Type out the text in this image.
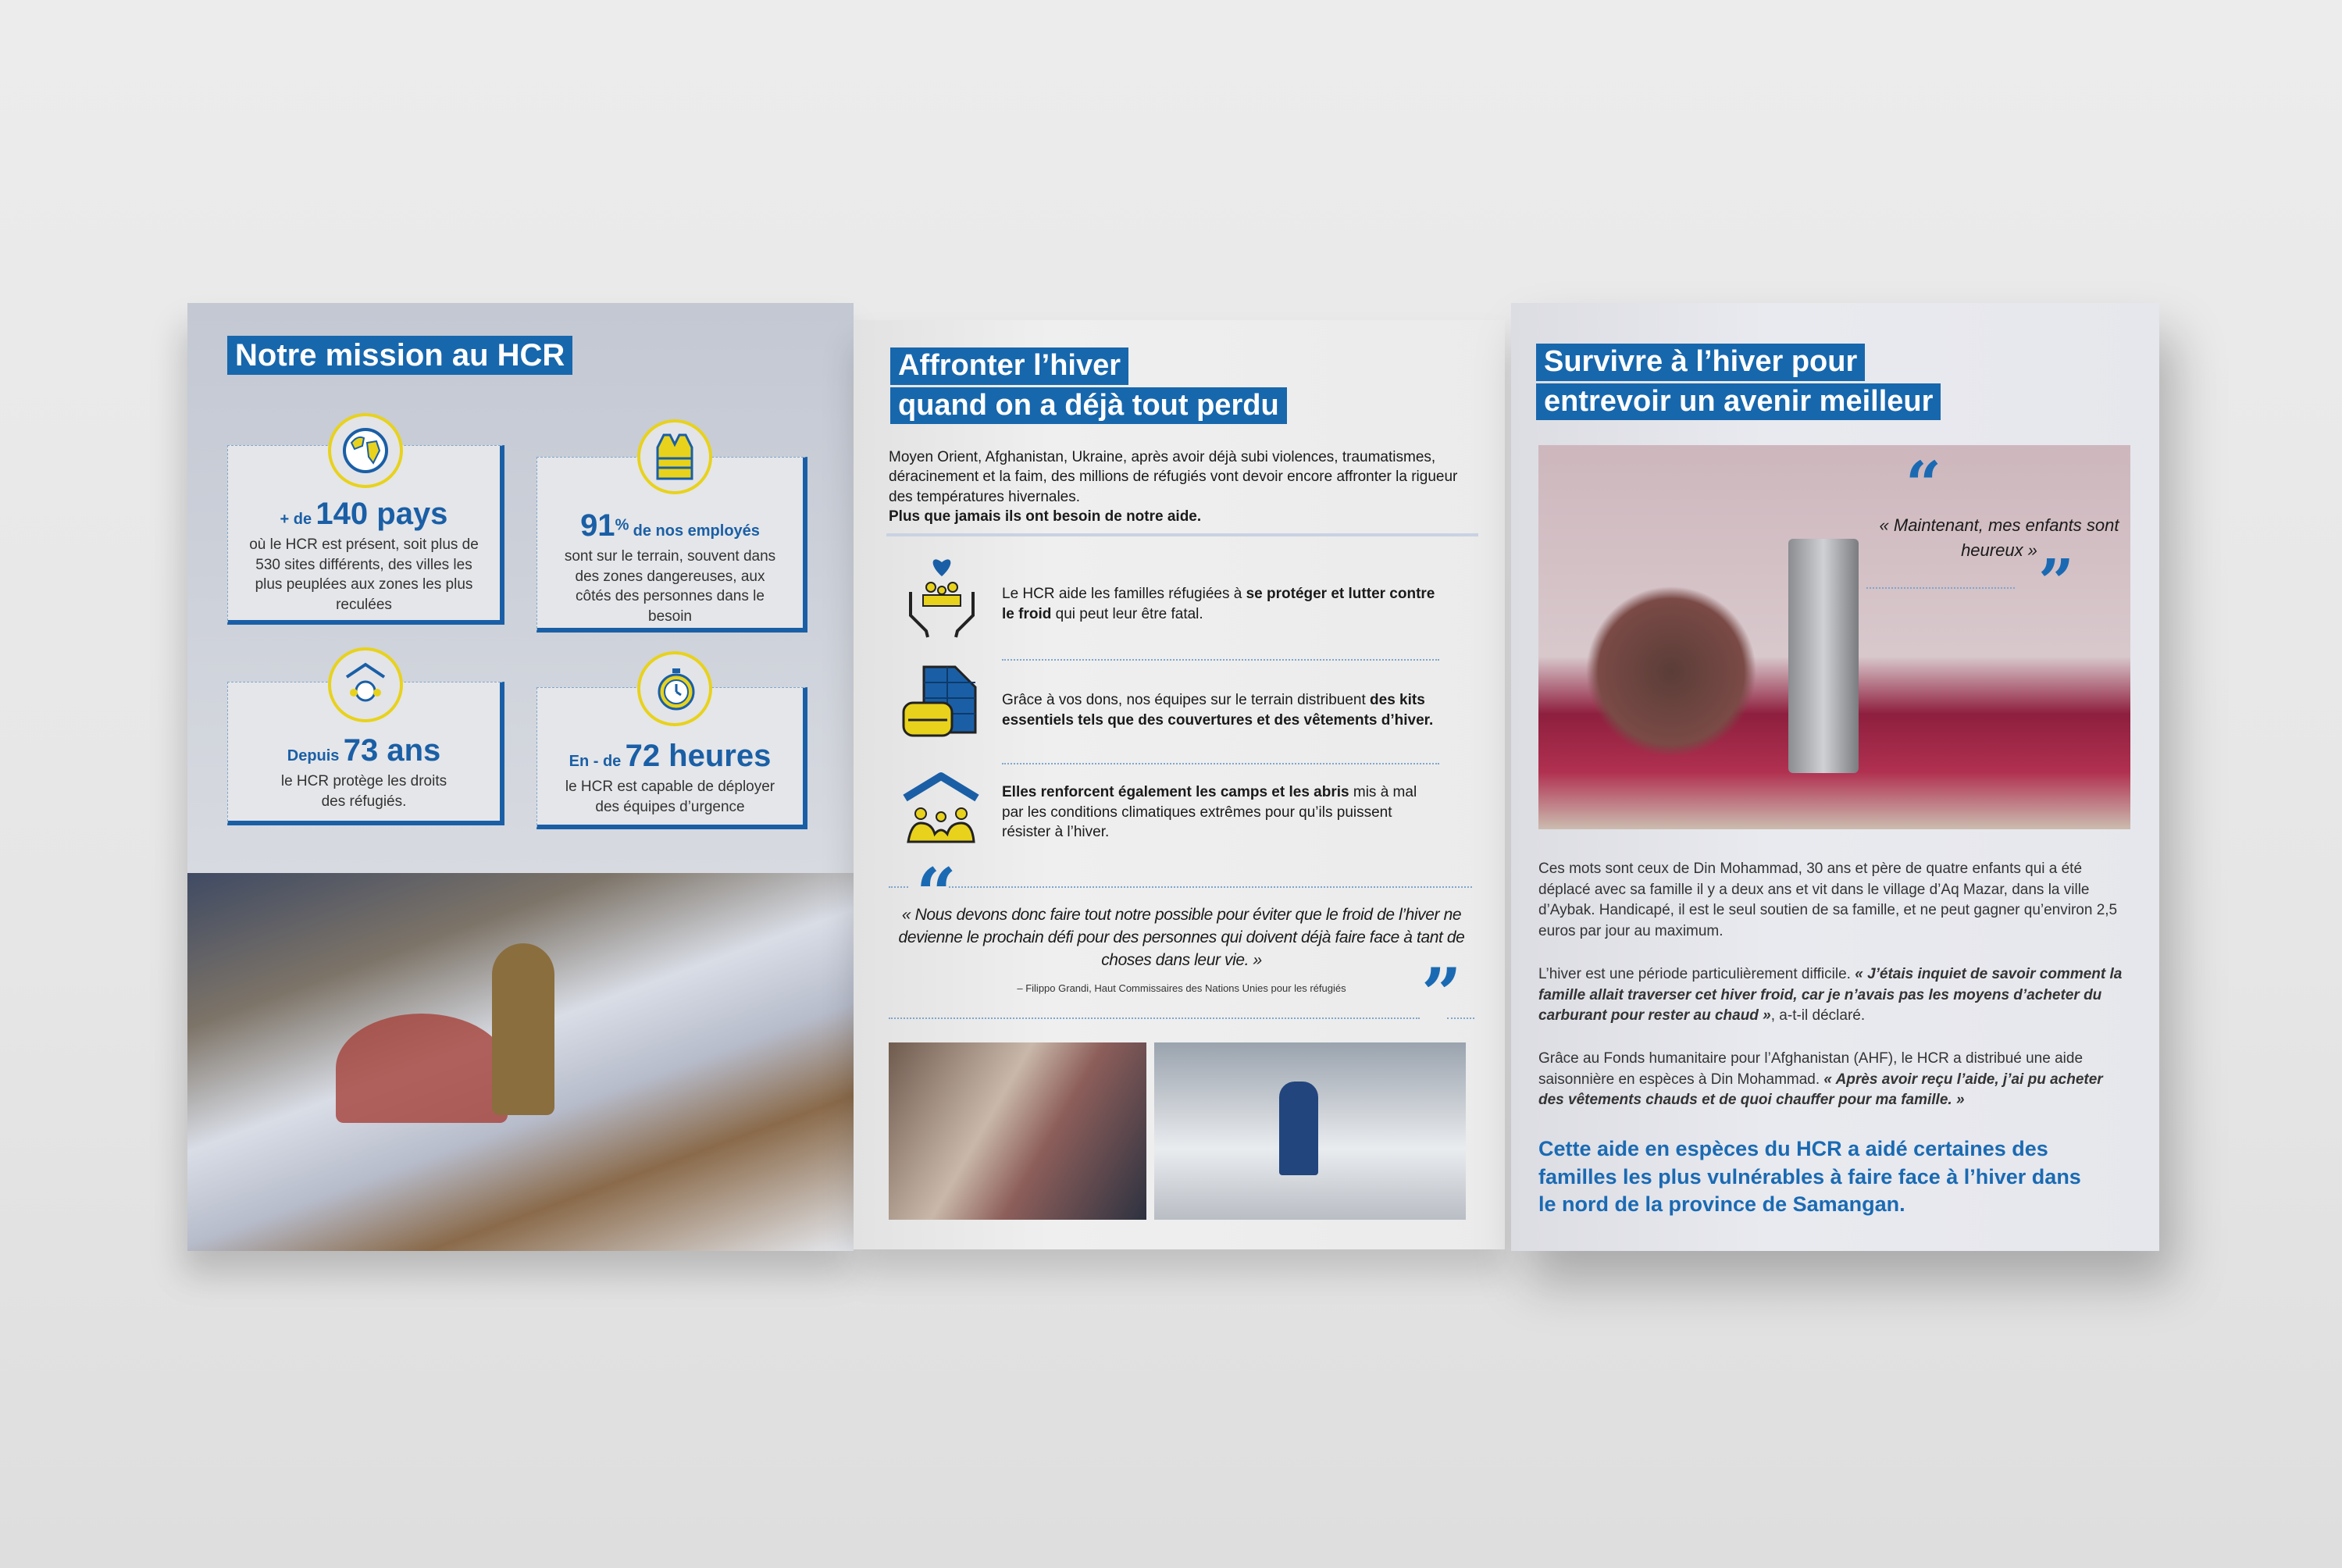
Notre mission au HCR
+ de 140 pays
où le HCR est présent, soit plus de 530 sites différents, des villes les plus peuplées aux zones les plus reculées
91% de nos employés
sont sur le terrain, souvent dans des zones dangereuses, aux côtés des personnes dans le besoin
Depuis 73 ans
le HCR protège les droits des réfugiés.
En - de 72 heures
le HCR est capable de déployer des équipes d’urgence
Affronter l’hiver
quand on a déjà tout perdu
Moyen Orient, Afghanistan, Ukraine, après avoir déjà subi violences, traumatismes, déracinement et la faim, des millions de réfugiés vont devoir encore affronter la rigueur des températures hivernales.
Plus que jamais ils ont besoin de notre aide.
Le HCR aide les familles réfugiées à se protéger et lutter contre le froid qui peut leur être fatal.
Grâce à vos dons, nos équipes sur le terrain distribuent des kits essentiels tels que des couvertures et des vêtements d’hiver.
Elles renforcent également les camps et les abris mis à mal par les conditions climatiques extrêmes pour qu’ils puissent résister à l’hiver.
“
« Nous devons donc faire tout notre possible pour éviter que le froid de l’hiver ne devienne le prochain défi pour des personnes qui doivent déjà faire face à tant de choses dans leur vie. »
– Filippo Grandi, Haut Commissaires des Nations Unies pour les réfugiés	”
Survivre à l’hiver pour
entrevoir un avenir meilleur
“
« Maintenant, mes enfants sont heureux » ”
Ces mots sont ceux de Din Mohammad, 30 ans et père de quatre enfants qui a été déplacé avec sa famille il y a deux ans et vit dans le village d’Aq Mazar, dans la ville d’Aybak. Handicapé, il est le seul soutien de sa famille, et ne peut gagner qu’environ 2,5 euros par jour au maximum.
L’hiver est une période particulièrement difficile. « J’étais inquiet de savoir comment la famille allait traverser cet hiver froid, car je n’avais pas les moyens d’acheter du carburant pour rester au chaud », a-t-il déclaré.
Grâce au Fonds humanitaire pour l’Afghanistan (AHF), le HCR a distribué une aide saisonnière en espèces à Din Mohammad. « Après avoir reçu l’aide, j’ai pu acheter des vêtements chauds et de quoi chauffer pour ma famille. »
Cette aide en espèces du HCR a aidé certaines des familles les plus vulnérables à faire face à l’hiver dans le nord de la province de Samangan.
